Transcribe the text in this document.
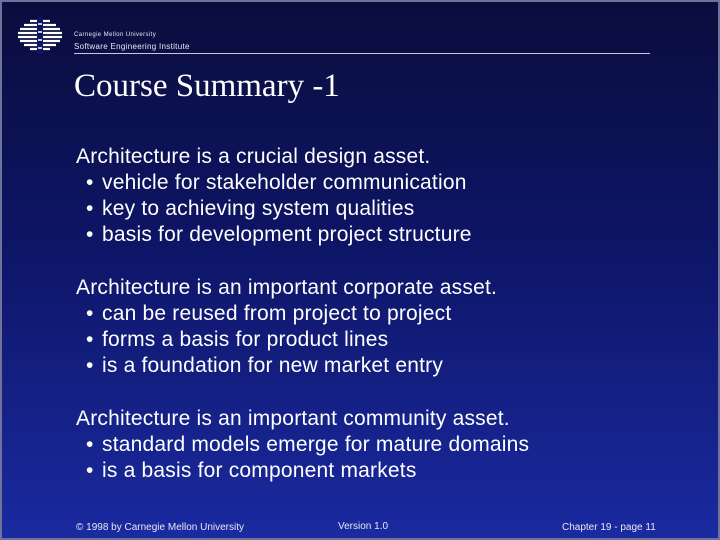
Carnegie Mellon University
Software Engineering Institute
Course Summary -1
Architecture is a crucial design asset.
• vehicle for stakeholder communication
• key to achieving system qualities
• basis for development project structure
Architecture is an important corporate asset.
• can be reused from project to project
• forms a basis for product lines
• is a foundation for new market entry
Architecture is an important community asset.
• standard models emerge for mature domains
• is a basis for component markets
© 1998 by Carnegie Mellon University	Version 1.0	Chapter 19 - page 11
